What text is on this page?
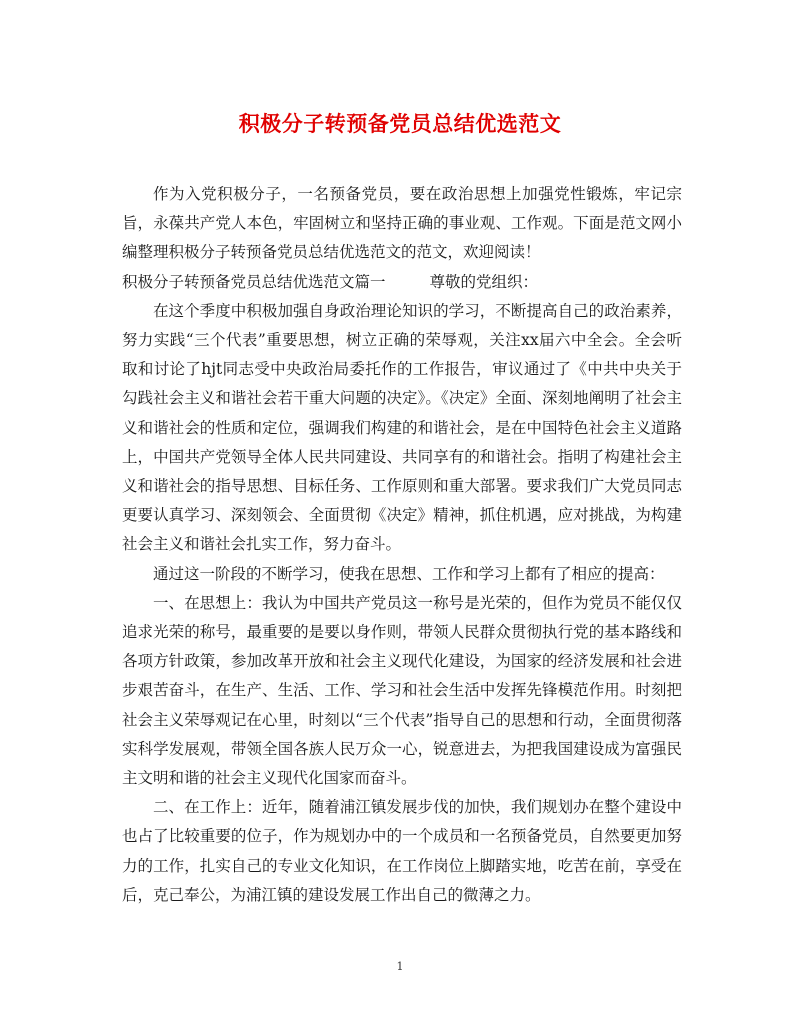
积极分子转预备党员总结优选范文

作为入党积极分子，一名预备党员，要在政治思想上加强党性锻炼，牢记宗旨，永葆共产党人本色，牢固树立和坚持正确的事业观、工作观。下面是范文网小编整理积极分子转预备党员总结优选范文的范文，欢迎阅读！

积极分子转预备党员总结优选范文篇一	尊敬的党组织：

在这个季度中积极加强自身政治理论知识的学习，不断提高自己的政治素养，努力实践“三个代表”重要思想，树立正确的荣辱观，关注xx届六中全会。全会听取和讨论了hjt同志受中央政治局委托作的工作报告，审议通过了《中共中央关于勾践社会主义和谐社会若干重大问题的决定》。《决定》全面、深刻地阐明了社会主义和谐社会的性质和定位，强调我们构建的和谐社会，是在中国特色社会主义道路上，中国共产党领导全体人民共同建设、共同享有的和谐社会。指明了构建社会主义和谐社会的指导思想、目标任务、工作原则和重大部署。要求我们广大党员同志更要认真学习、深刻领会、全面贯彻《决定》精神，抓住机遇，应对挑战，为构建社会主义和谐社会扎实工作，努力奋斗。

通过这一阶段的不断学习，使我在思想、工作和学习上都有了相应的提高：

一、在思想上：我认为中国共产党员这一称号是光荣的，但作为党员不能仅仅追求光荣的称号，最重要的是要以身作则，带领人民群众贯彻执行党的基本路线和各项方针政策，参加改革开放和社会主义现代化建设，为国家的经济发展和社会进步艰苦奋斗，在生产、生活、工作、学习和社会生活中发挥先锋模范作用。时刻把社会主义荣辱观记在心里，时刻以“三个代表”指导自己的思想和行动，全面贯彻落实科学发展观，带领全国各族人民万众一心，锐意进去，为把我国建设成为富强民主文明和谐的社会主义现代化国家而奋斗。

二、在工作上：近年，随着浦江镇发展步伐的加快，我们规划办在整个建设中也占了比较重要的位子，作为规划办中的一个成员和一名预备党员，自然要更加努力的工作，扎实自己的专业文化知识，在工作岗位上脚踏实地，吃苦在前，享受在后，克己奉公，为浦江镇的建设发展工作出自己的微薄之力。

1
